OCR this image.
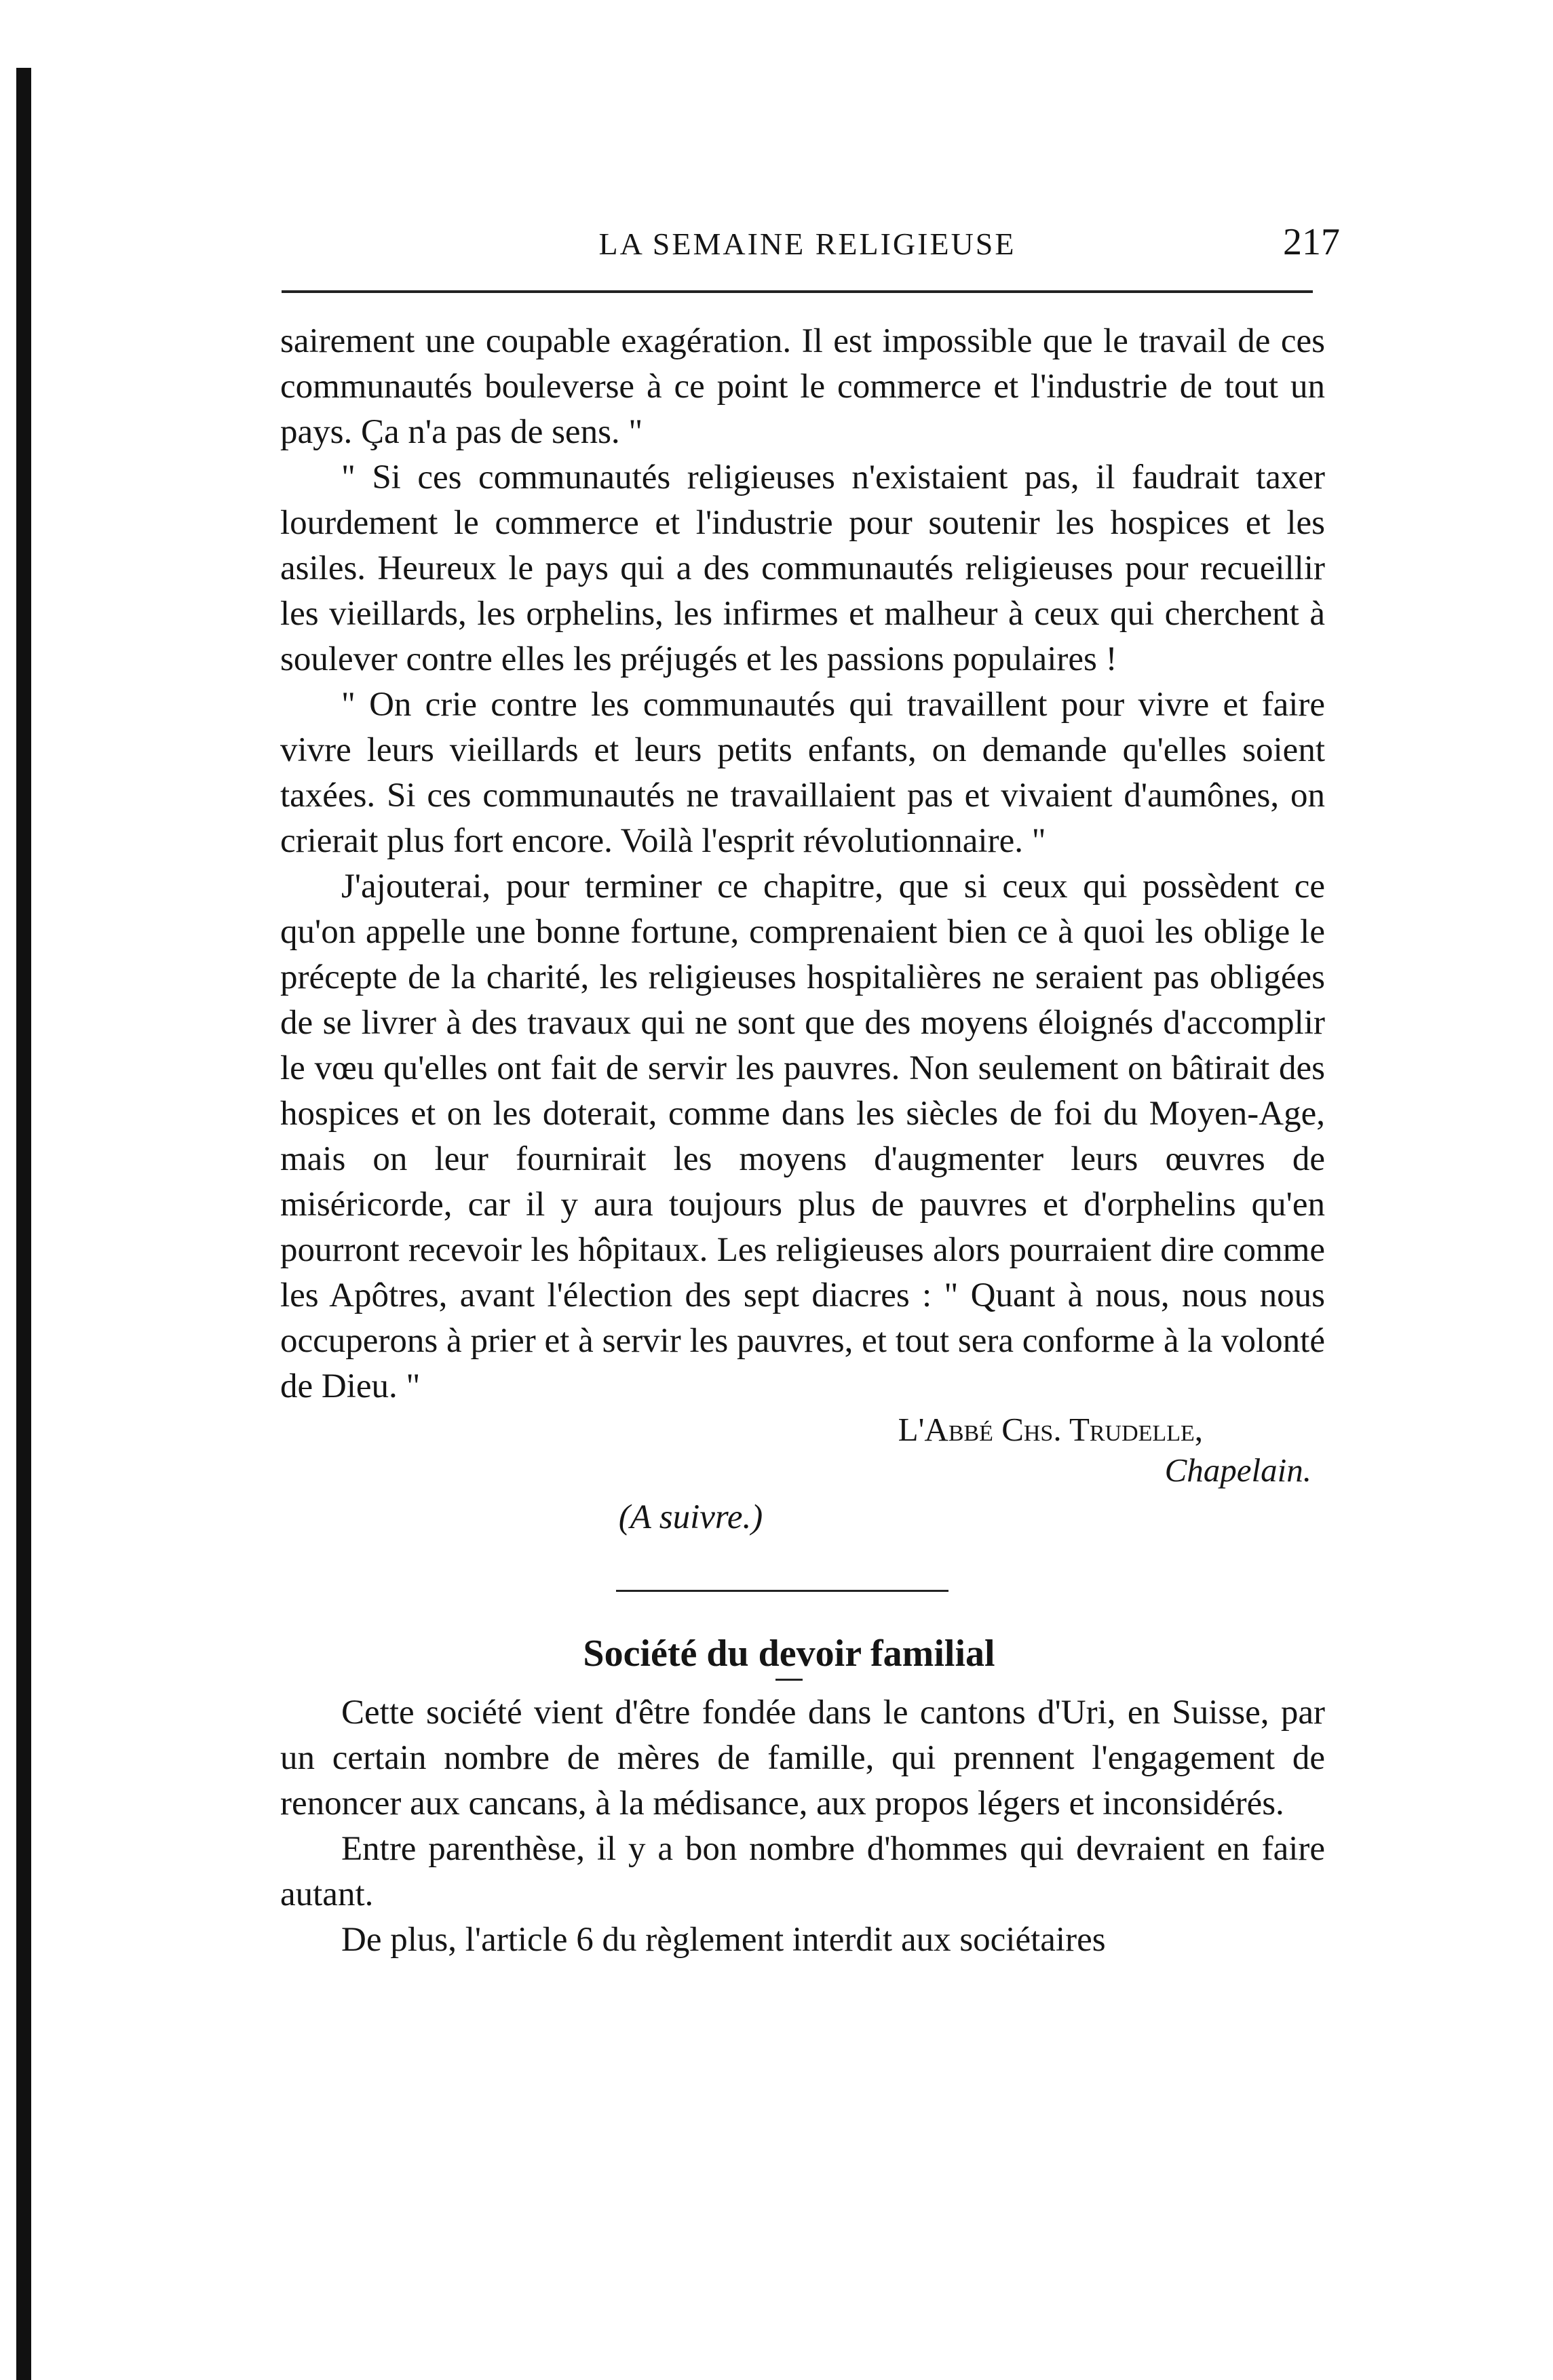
LA SEMAINE RELIGIEUSE	217

sairement une coupable exagération. Il est impossible que le travail de ces communautés bouleverse à ce point le commerce et l'industrie de tout un pays. Ça n'a pas de sens. "

" Si ces communautés religieuses n'existaient pas, il faudrait taxer lourdement le commerce et l'industrie pour soutenir les hospices et les asiles. Heureux le pays qui a des communautés religieuses pour recueillir les vieillards, les orphelins, les infirmes et malheur à ceux qui cherchent à soulever contre elles les préjugés et les passions populaires !

" On crie contre les communautés qui travaillent pour vivre et faire vivre leurs vieillards et leurs petits enfants, on demande qu'elles soient taxées. Si ces communautés ne travaillaient pas et vivaient d'aumônes, on crierait plus fort encore. Voilà l'esprit révolutionnaire. "

J'ajouterai, pour terminer ce chapitre, que si ceux qui possèdent ce qu'on appelle une bonne fortune, comprenaient bien ce à quoi les oblige le précepte de la charité, les religieuses hospitalières ne seraient pas obligées de se livrer à des travaux qui ne sont que des moyens éloignés d'accomplir le vœu qu'elles ont fait de servir les pauvres. Non seulement on bâtirait des hospices et on les doterait, comme dans les siècles de foi du Moyen-Age, mais on leur fournirait les moyens d'augmenter leurs œuvres de miséricorde, car il y aura toujours plus de pauvres et d'orphelins qu'en pourront recevoir les hôpitaux. Les religieuses alors pourraient dire comme les Apôtres, avant l'élection des sept diacres : " Quant à nous, nous nous occuperons à prier et à servir les pauvres, et tout sera conforme à la volonté de Dieu. "

L'Abbé Chs. Trudelle,
Chapelain.
(A suivre.)
Société du devoir familial

Cette société vient d'être fondée dans le cantons d'Uri, en Suisse, par un certain nombre de mères de famille, qui prennent l'engagement de renoncer aux cancans, à la médisance, aux propos légers et inconsidérés.

Entre parenthèse, il y a bon nombre d'hommes qui devraient en faire autant.

De plus, l'article 6 du règlement interdit aux sociétaires
